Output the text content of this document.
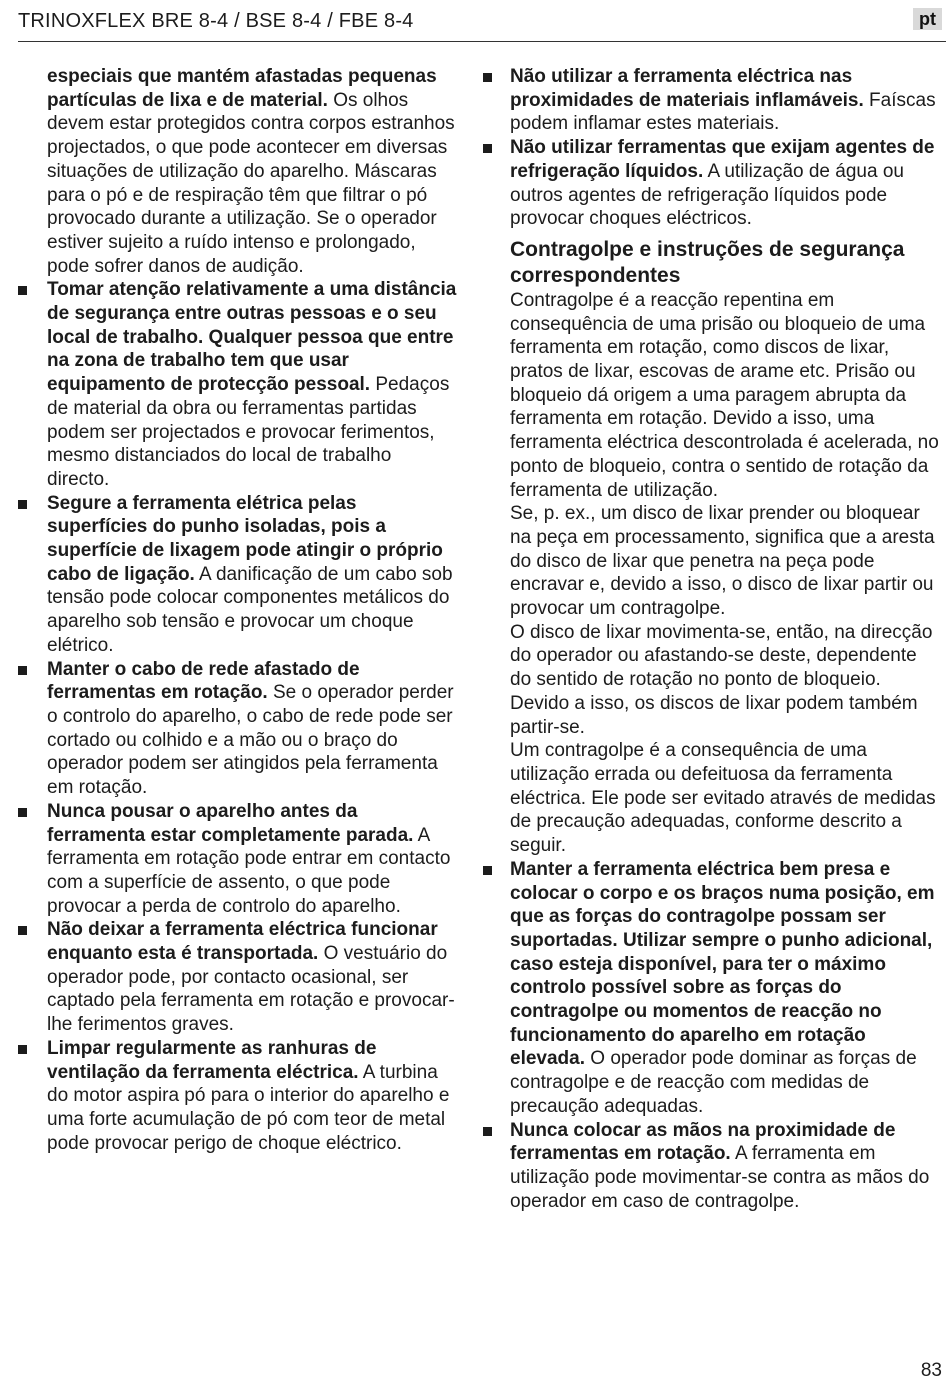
TRINOXFLEX BRE 8-4 / BSE 8-4 / FBE 8-4	pt

especiais que mantém afastadas pequenas partículas de lixa e de material. Os olhos devem estar protegidos contra corpos estranhos projectados, o que pode acontecer em diversas situações de utilização do aparelho. Máscaras para o pó e de respiração têm que filtrar o pó provocado durante a utilização. Se o operador estiver sujeito a ruído intenso e prolongado, pode sofrer danos de audição.

Tomar atenção relativamente a uma distância de segurança entre outras pessoas e o seu local de trabalho. Qualquer pessoa que entre na zona de trabalho tem que usar equipamento de protecção pessoal. Pedaços de material da obra ou ferramentas partidas podem ser projectados e provocar ferimentos, mesmo distanciados do local de trabalho directo.

Segure a ferramenta elétrica pelas superfícies do punho isoladas, pois a superfície de lixagem pode atingir o próprio cabo de ligação. A danificação de um cabo sob tensão pode colocar componentes metálicos do aparelho sob tensão e provocar um choque elétrico.

Manter o cabo de rede afastado de ferramentas em rotação. Se o operador perder o controlo do aparelho, o cabo de rede pode ser cortado ou colhido e a mão ou o braço do operador podem ser atingidos pela ferramenta em rotação.

Nunca pousar o aparelho antes da ferramenta estar completamente parada. A ferramenta em rotação pode entrar em contacto com a superfície de assento, o que pode provocar a perda de controlo do aparelho.

Não deixar a ferramenta eléctrica funcionar enquanto esta é transportada. O vestuário do operador pode, por contacto ocasional, ser captado pela ferramenta em rotação e provocar-lhe ferimentos graves.

Limpar regularmente as ranhuras de ventilação da ferramenta eléctrica. A turbina do motor aspira pó para o interior do aparelho e uma forte acumulação de pó com teor de metal pode provocar perigo de choque eléctrico.

Não utilizar a ferramenta eléctrica nas proximidades de materiais inflamáveis. Faíscas podem inflamar estes materiais.

Não utilizar ferramentas que exijam agentes de refrigeração líquidos. A utilização de água ou outros agentes de refrigeração líquidos pode provocar choques eléctricos.

Contragolpe e instruções de segurança correspondentes

Contragolpe é a reacção repentina em consequência de uma prisão ou bloqueio de uma ferramenta em rotação, como discos de lixar, pratos de lixar, escovas de arame etc. Prisão ou bloqueio dá origem a uma paragem abrupta da ferramenta em rotação. Devido a isso, uma ferramenta eléctrica descontrolada é acelerada, no ponto de bloqueio, contra o sentido de rotação da ferramenta de utilização.

Se, p. ex., um disco de lixar prender ou bloquear na peça em processamento, significa que a aresta do disco de lixar que penetra na peça pode encravar e, devido a isso, o disco de lixar partir ou provocar um contragolpe.

O disco de lixar movimenta-se, então, na direcção do operador ou afastando-se deste, dependente do sentido de rotação no ponto de bloqueio. Devido a isso, os discos de lixar podem também partir-se.

Um contragolpe é a consequência de uma utilização errada ou defeituosa da ferramenta eléctrica. Ele pode ser evitado através de medidas de precaução adequadas, conforme descrito a seguir.

Manter a ferramenta eléctrica bem presa e colocar o corpo e os braços numa posição, em que as forças do contragolpe possam ser suportadas. Utilizar sempre o punho adicional, caso esteja disponível, para ter o máximo controlo possível sobre as forças do contragolpe ou momentos de reacção no funcionamento do aparelho em rotação elevada. O operador pode dominar as forças de contragolpe e de reacção com medidas de precaução adequadas.

Nunca colocar as mãos na proximidade de ferramentas em rotação. A ferramenta em utilização pode movimentar-se contra as mãos do operador em caso de contragolpe.

83
